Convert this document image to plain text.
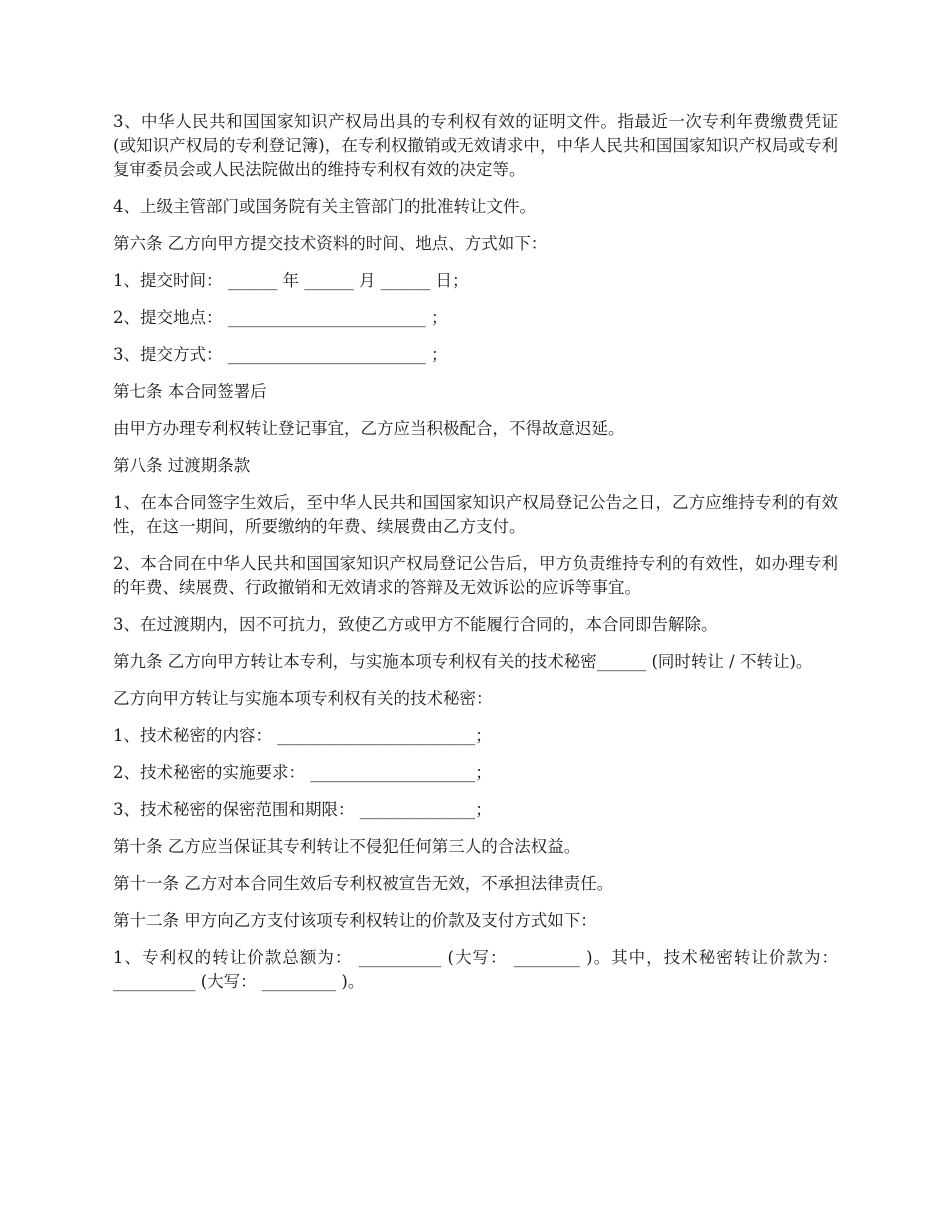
3、中华人民共和国国家知识产权局出具的专利权有效的证明文件。指最近一次专利年费缴费凭证(或知识产权局的专利登记簿)，在专利权撤销或无效请求中，中华人民共和国国家知识产权局或专利复审委员会或人民法院做出的维持专利权有效的决定等。

4、上级主管部门或国务院有关主管部门的批准转让文件。

第六条 乙方向甲方提交技术资料的时间、地点、方式如下：

1、提交时间： ______ 年 ______ 月 ______ 日；

2、提交地点： ________________________ ；

3、提交方式： ________________________ ；

第七条 本合同签署后

由甲方办理专利权转让登记事宜，乙方应当积极配合，不得故意迟延。

第八条 过渡期条款

1、在本合同签字生效后，至中华人民共和国国家知识产权局登记公告之日，乙方应维持专利的有效性，在这一期间，所要缴纳的年费、续展费由乙方支付。

2、本合同在中华人民共和国国家知识产权局登记公告后，甲方负责维持专利的有效性，如办理专利的年费、续展费、行政撤销和无效请求的答辩及无效诉讼的应诉等事宜。

3、在过渡期内，因不可抗力，致使乙方或甲方不能履行合同的，本合同即告解除。

第九条 乙方向甲方转让本专利，与实施本项专利权有关的技术秘密______ (同时转让 / 不转让)。

乙方向甲方转让与实施本项专利权有关的技术秘密：

1、技术秘密的内容： ________________________；

2、技术秘密的实施要求： ____________________；

3、技术秘密的保密范围和期限： ______________；

第十条 乙方应当保证其专利转让不侵犯任何第三人的合法权益。

第十一条 乙方对本合同生效后专利权被宣告无效，不承担法律责任。

第十二条 甲方向乙方支付该项专利权转让的价款及支付方式如下：

1、专利权的转让价款总额为： __________ (大写： ________ )。其中，技术秘密转让价款为： __________ (大写： _________ )。
